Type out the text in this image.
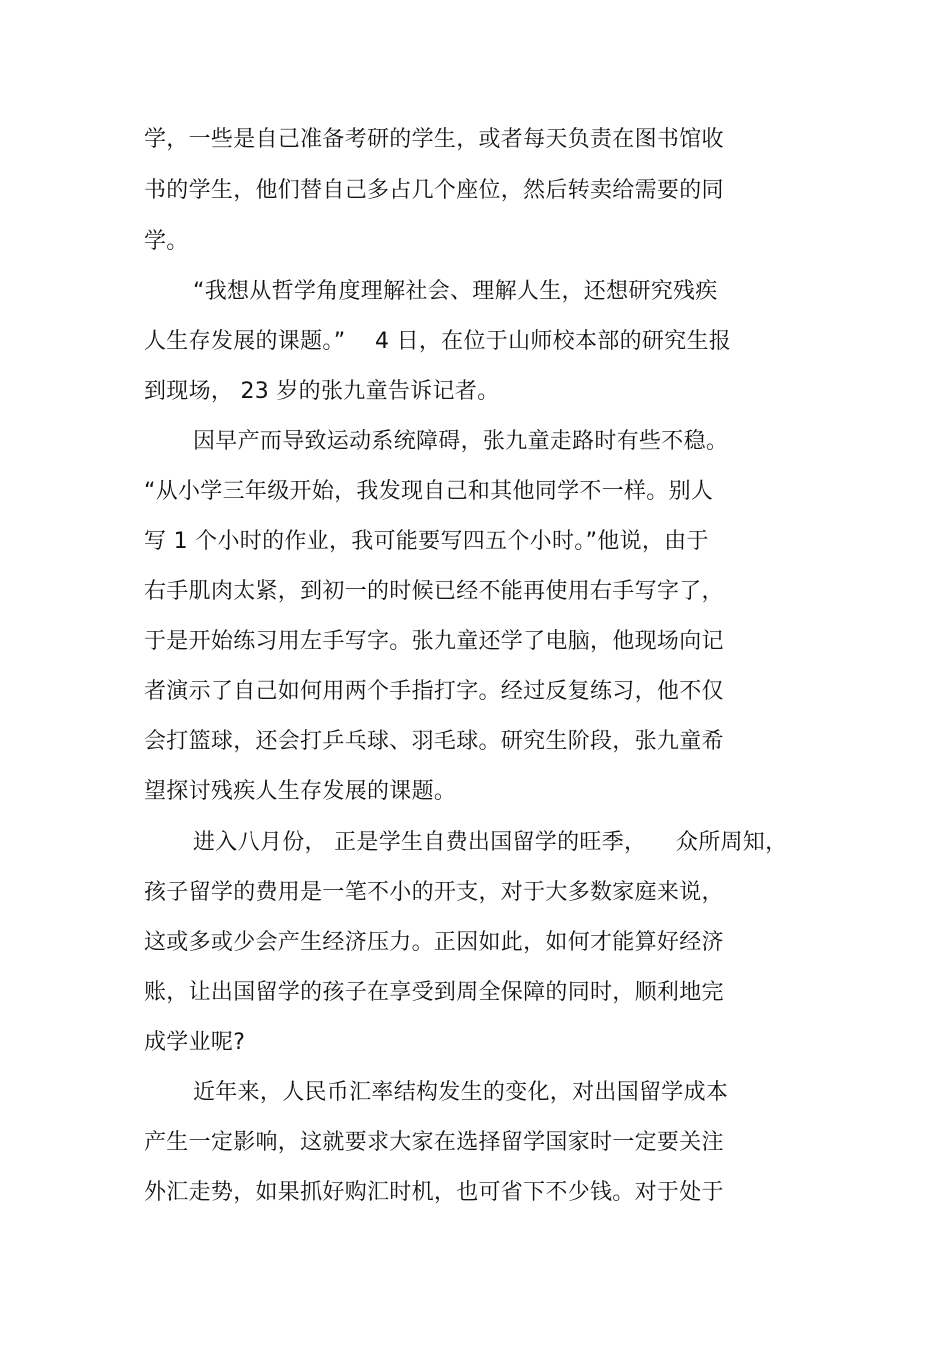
学，一些是自己准备考研的学生，或者每天负责在图书馆收
书的学生，他们替自己多占几个座位，然后转卖给需要的同
学。
“我想从哲学角度理解社会、理解人生，还想研究残疾
人生存发展的课题。”　 4 日，在位于山师校本部的研究生报
到现场， 23 岁的张九童告诉记者。
因早产而导致运动系统障碍，张九童走路时有些不稳。
“从小学三年级开始，我发现自己和其他同学不一样。别人
写 1 个小时的作业，我可能要写四五个小时。”他说，由于
右手肌肉太紧，到初一的时候已经不能再使用右手写字了，
于是开始练习用左手写字。张九童还学了电脑，他现场向记
者演示了自己如何用两个手指打字。经过反复练习，他不仅
会打篮球，还会打乒乓球、羽毛球。研究生阶段，张九童希
望探讨残疾人生存发展的课题。
进入八月份， 正是学生自费出国留学的旺季， 　众所周知，
孩子留学的费用是一笔不小的开支，对于大多数家庭来说，
这或多或少会产生经济压力。正因如此，如何才能算好经济
账，让出国留学的孩子在享受到周全保障的同时，顺利地完
成学业呢?
近年来，人民币汇率结构发生的变化，对出国留学成本
产生一定影响，这就要求大家在选择留学国家时一定要关注
外汇走势，如果抓好购汇时机，也可省下不少钱。对于处于
